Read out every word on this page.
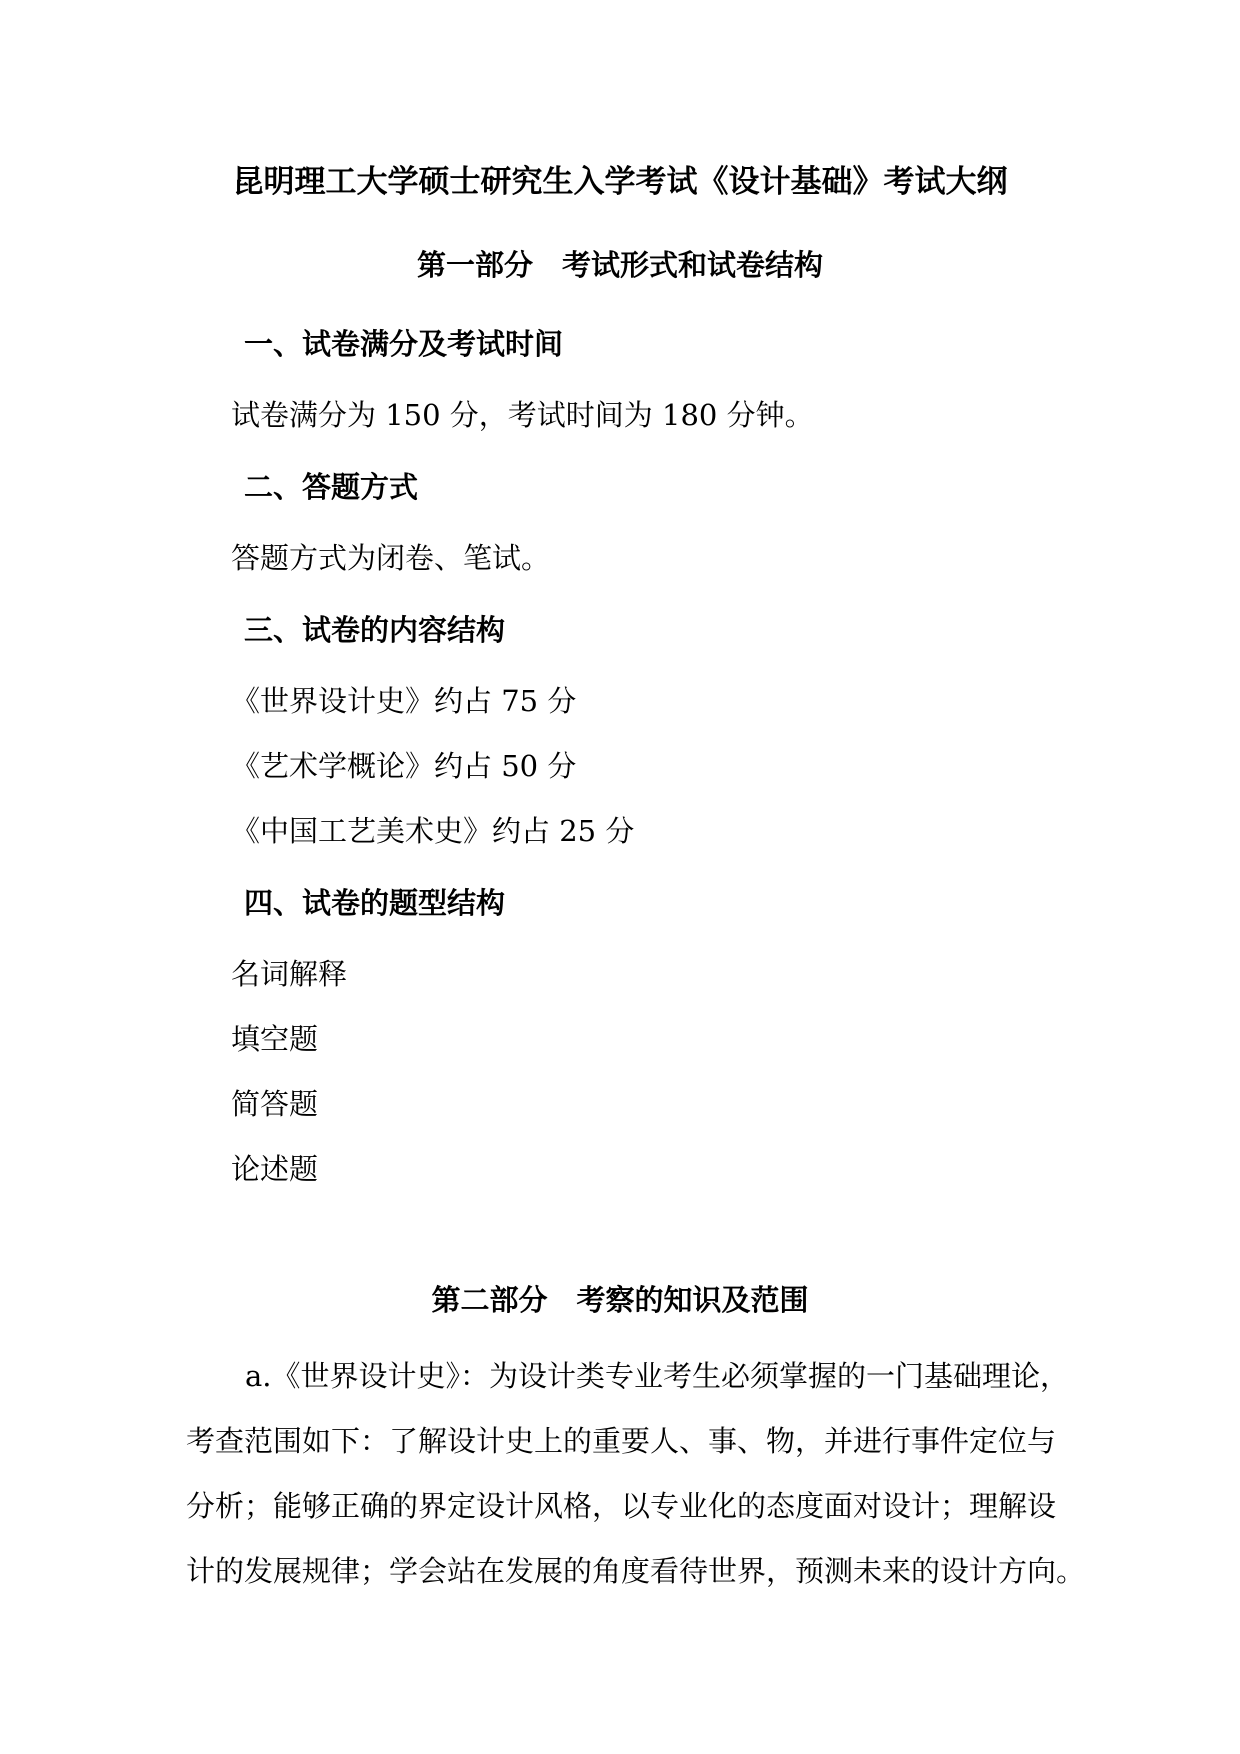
昆明理工大学硕士研究生入学考试《设计基础》考试大纲
第一部分　考试形式和试卷结构
一、试卷满分及考试时间
试卷满分为 150 分，考试时间为 180 分钟。
二、答题方式
答题方式为闭卷、笔试。
三、试卷的内容结构
《世界设计史》约占 75 分
《艺术学概论》约占 50 分
《中国工艺美术史》约占 25 分
四、试卷的题型结构
名词解释
填空题
简答题
论述题
第二部分　考察的知识及范围
a.《世界设计史》：为设计类专业考生必须掌握的一门基础理论，
考查范围如下：了解设计史上的重要人、事、物，并进行事件定位与
分析；能够正确的界定设计风格，以专业化的态度面对设计；理解设
计的发展规律；学会站在发展的角度看待世界，预测未来的设计方向。
